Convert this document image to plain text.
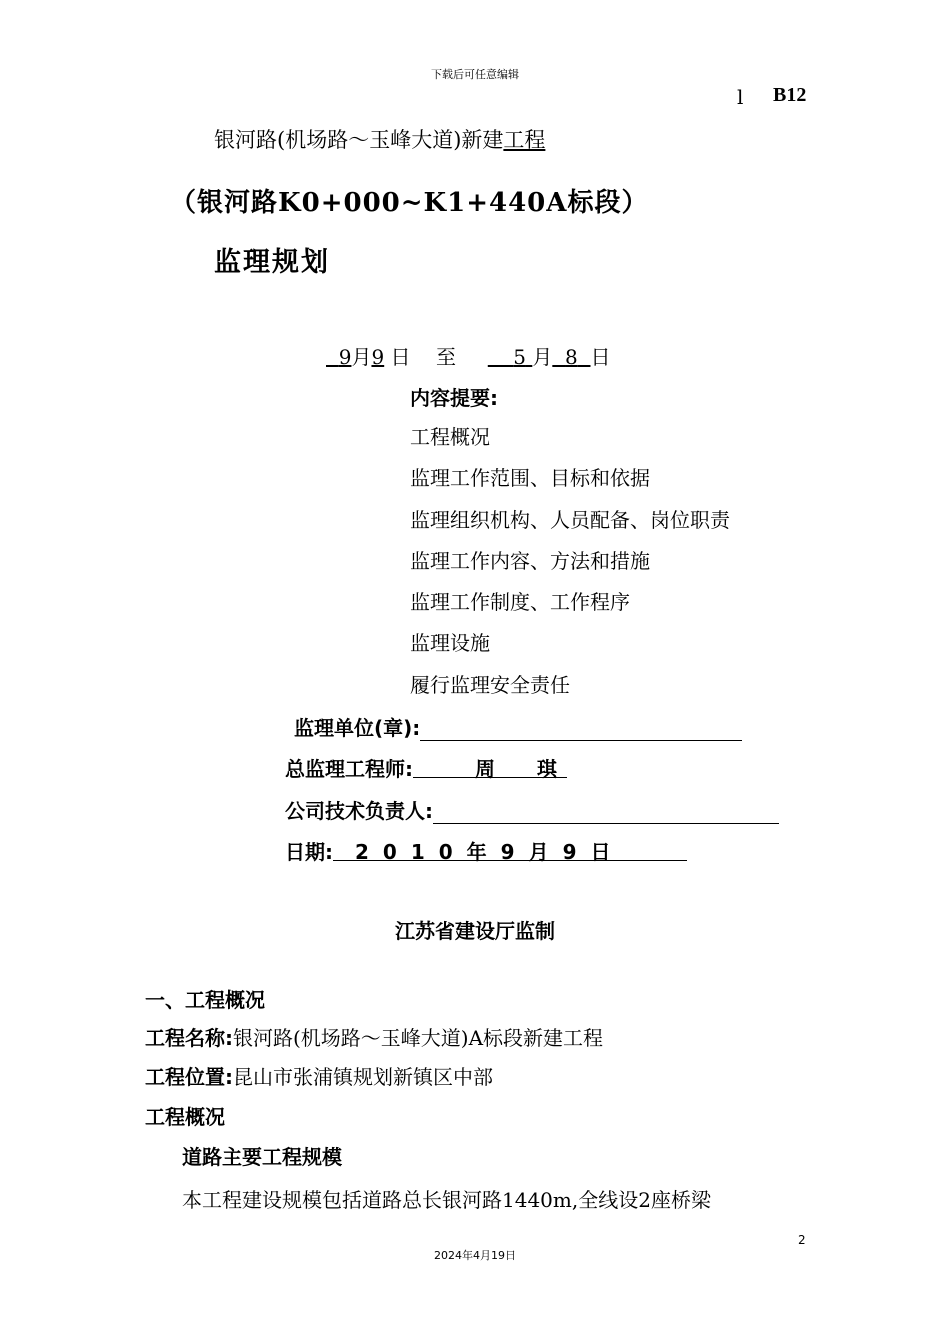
下载后可任意编辑
l B12
银河路(机场路～玉峰大道)新建工程
（银河路K0+000~K1+440A标段）
监理规划
9月9 日 至	5 月 8 日
内容提要:
工程概况
监理工作范围、目标和依据
监理组织机构、人员配备、岗位职责
监理工作内容、方法和措施
监理工作制度、工作程序
监理设施
履行监理安全责任
监理单位(章):
总监理工程师:	周 琪
公司技术负责人:
日期: 2010年9月9日
江苏省建设厅监制
一、工程概况
工程名称:银河路(机场路～玉峰大道)A标段新建工程
工程位置:昆山市张浦镇规划新镇区中部
工程概况
道路主要工程规模
本工程建设规模包括道路总长银河路1440m,全线设2座桥梁
2
2024年4月19日
